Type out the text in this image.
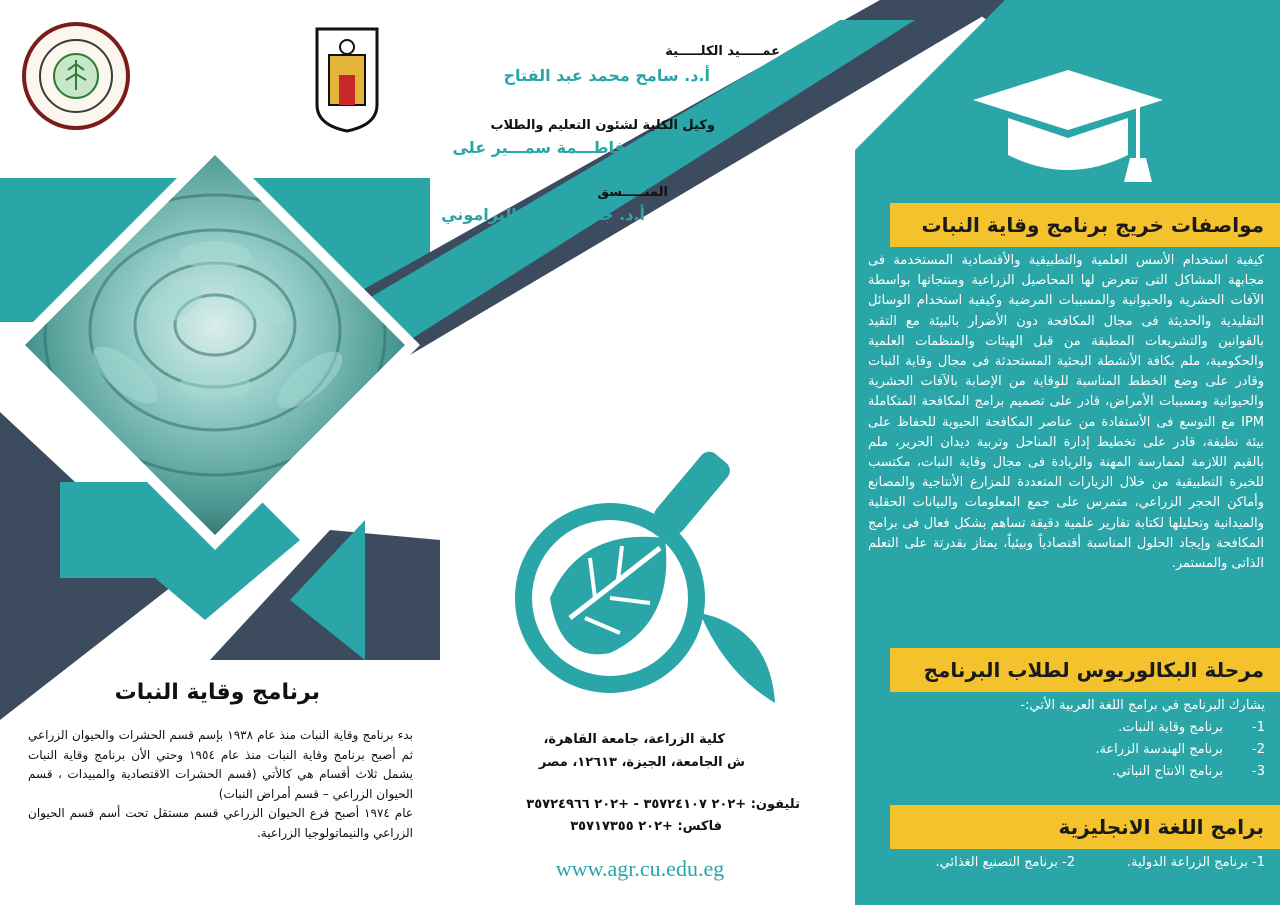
عمـــــيد الكلـــــية
أ.د. سامح محمد عبد الفتاح
وكيل الكلية لشئون التعليم والطلاب
فاطـــمة سمـــير على
المنـــــسق
أ.د. جمال السيد البراموني	مواصفات خريج برنامج وقاية النبات
كيفية استخدام الأسس العلمية والتطبيقية والأقتصادية المستخدمة فى مجابهة المشاكل التى تتعرض لها المحاصيل الزراعية ومنتجاتها بواسطة الآفات الحشرية والحيوانية والمسببات المرضية وكيفية استخدام الوسائل التقليدية والحديثة فى مجال المكافحة دون الأضرار بالبيئة مع التقيد بالقوانين والتشريعات المطبقة من قبل الهيئات والمنظمات العلمية والحكومية، ملم بكافة الأنشطة البحثية المستحدثة فى مجال وقاية النبات وقادر على وضع الخطط المناسبة للوقاية من الإصابة بالآفات الحشرية والحيوانية ومسببات الأمراض، قادر على تصميم برامج المكافحة المتكاملة IPM مع التوسع فى الأستفادة من عناصر المكافحة الحيوية للحفاظ على بيئة نظيفة، قادر على تخطيط إدارة المناحل وتربية ديدان الحرير، ملم بالقيم اللازمة لممارسة المهنة والريادة فى مجال وقاية النبات، مكتسب للخبرة التطبيقية من خلال الزيارات المتعددة للمزارع الأنتاجية والمصانع وأماكن الحجر الزراعي، متمرس على جمع المعلومات والبيانات الحقلية والميدانية وتحليلها لكتابة تقارير علمية دقيقة تساهم بشكل فعال فى برامج المكافحة وإيجاد الحلول المناسبة أقتصادياً وبيئياً، يمتاز بقدرتة على التعلم الذاتى والمستمر.
مرحلة البكالوريوس لطلاب البرنامج
يشارك البرنامج في برامج اللغة العربية الأتي:-
1-برنامج وقاية النبات.
2-برنامج الهندسة الزراعة.
3-برنامج الانتاج النباتي.
برامج اللغة الانجليزية
1- برنامج الزراعة الدولية.
2- برنامج التصنيع الغذائي.
برنامج وقاية النبات
بدء برنامج وقاية النبات منذ عام ١٩٣٨ بإسم قسم الحشرات والحيوان الزراعي ثم أصبح برنامج وقاية النبات منذ عام ١٩٥٤ وحتي الأن برنامج وقاية النبات يشمل ثلاث أقسام هي كالأتي (قسم الحشرات الاقتصادية والمبيدات ، قسم الحيوان الزراعي – قسم أمراض النبات)
عام ١٩٧٤ أصبح فرع الحيوان الزراعي قسم مستقل تحت أسم قسم الحيوان الزراعي والنيماتولوجيا الزراعية.
كلية الزراعة، جامعة القاهرة،
ش الجامعة، الجيزة، ١٢٦١٣، مصر
تليفون: +٢٠٢ ٣٥٧٢٤١٠٧ - +٢٠٢ ٣٥٧٢٤٩٦٦
فاكس: +٢٠٢ ٣٥٧١٧٣٥٥
www.agr.cu.edu.eg
